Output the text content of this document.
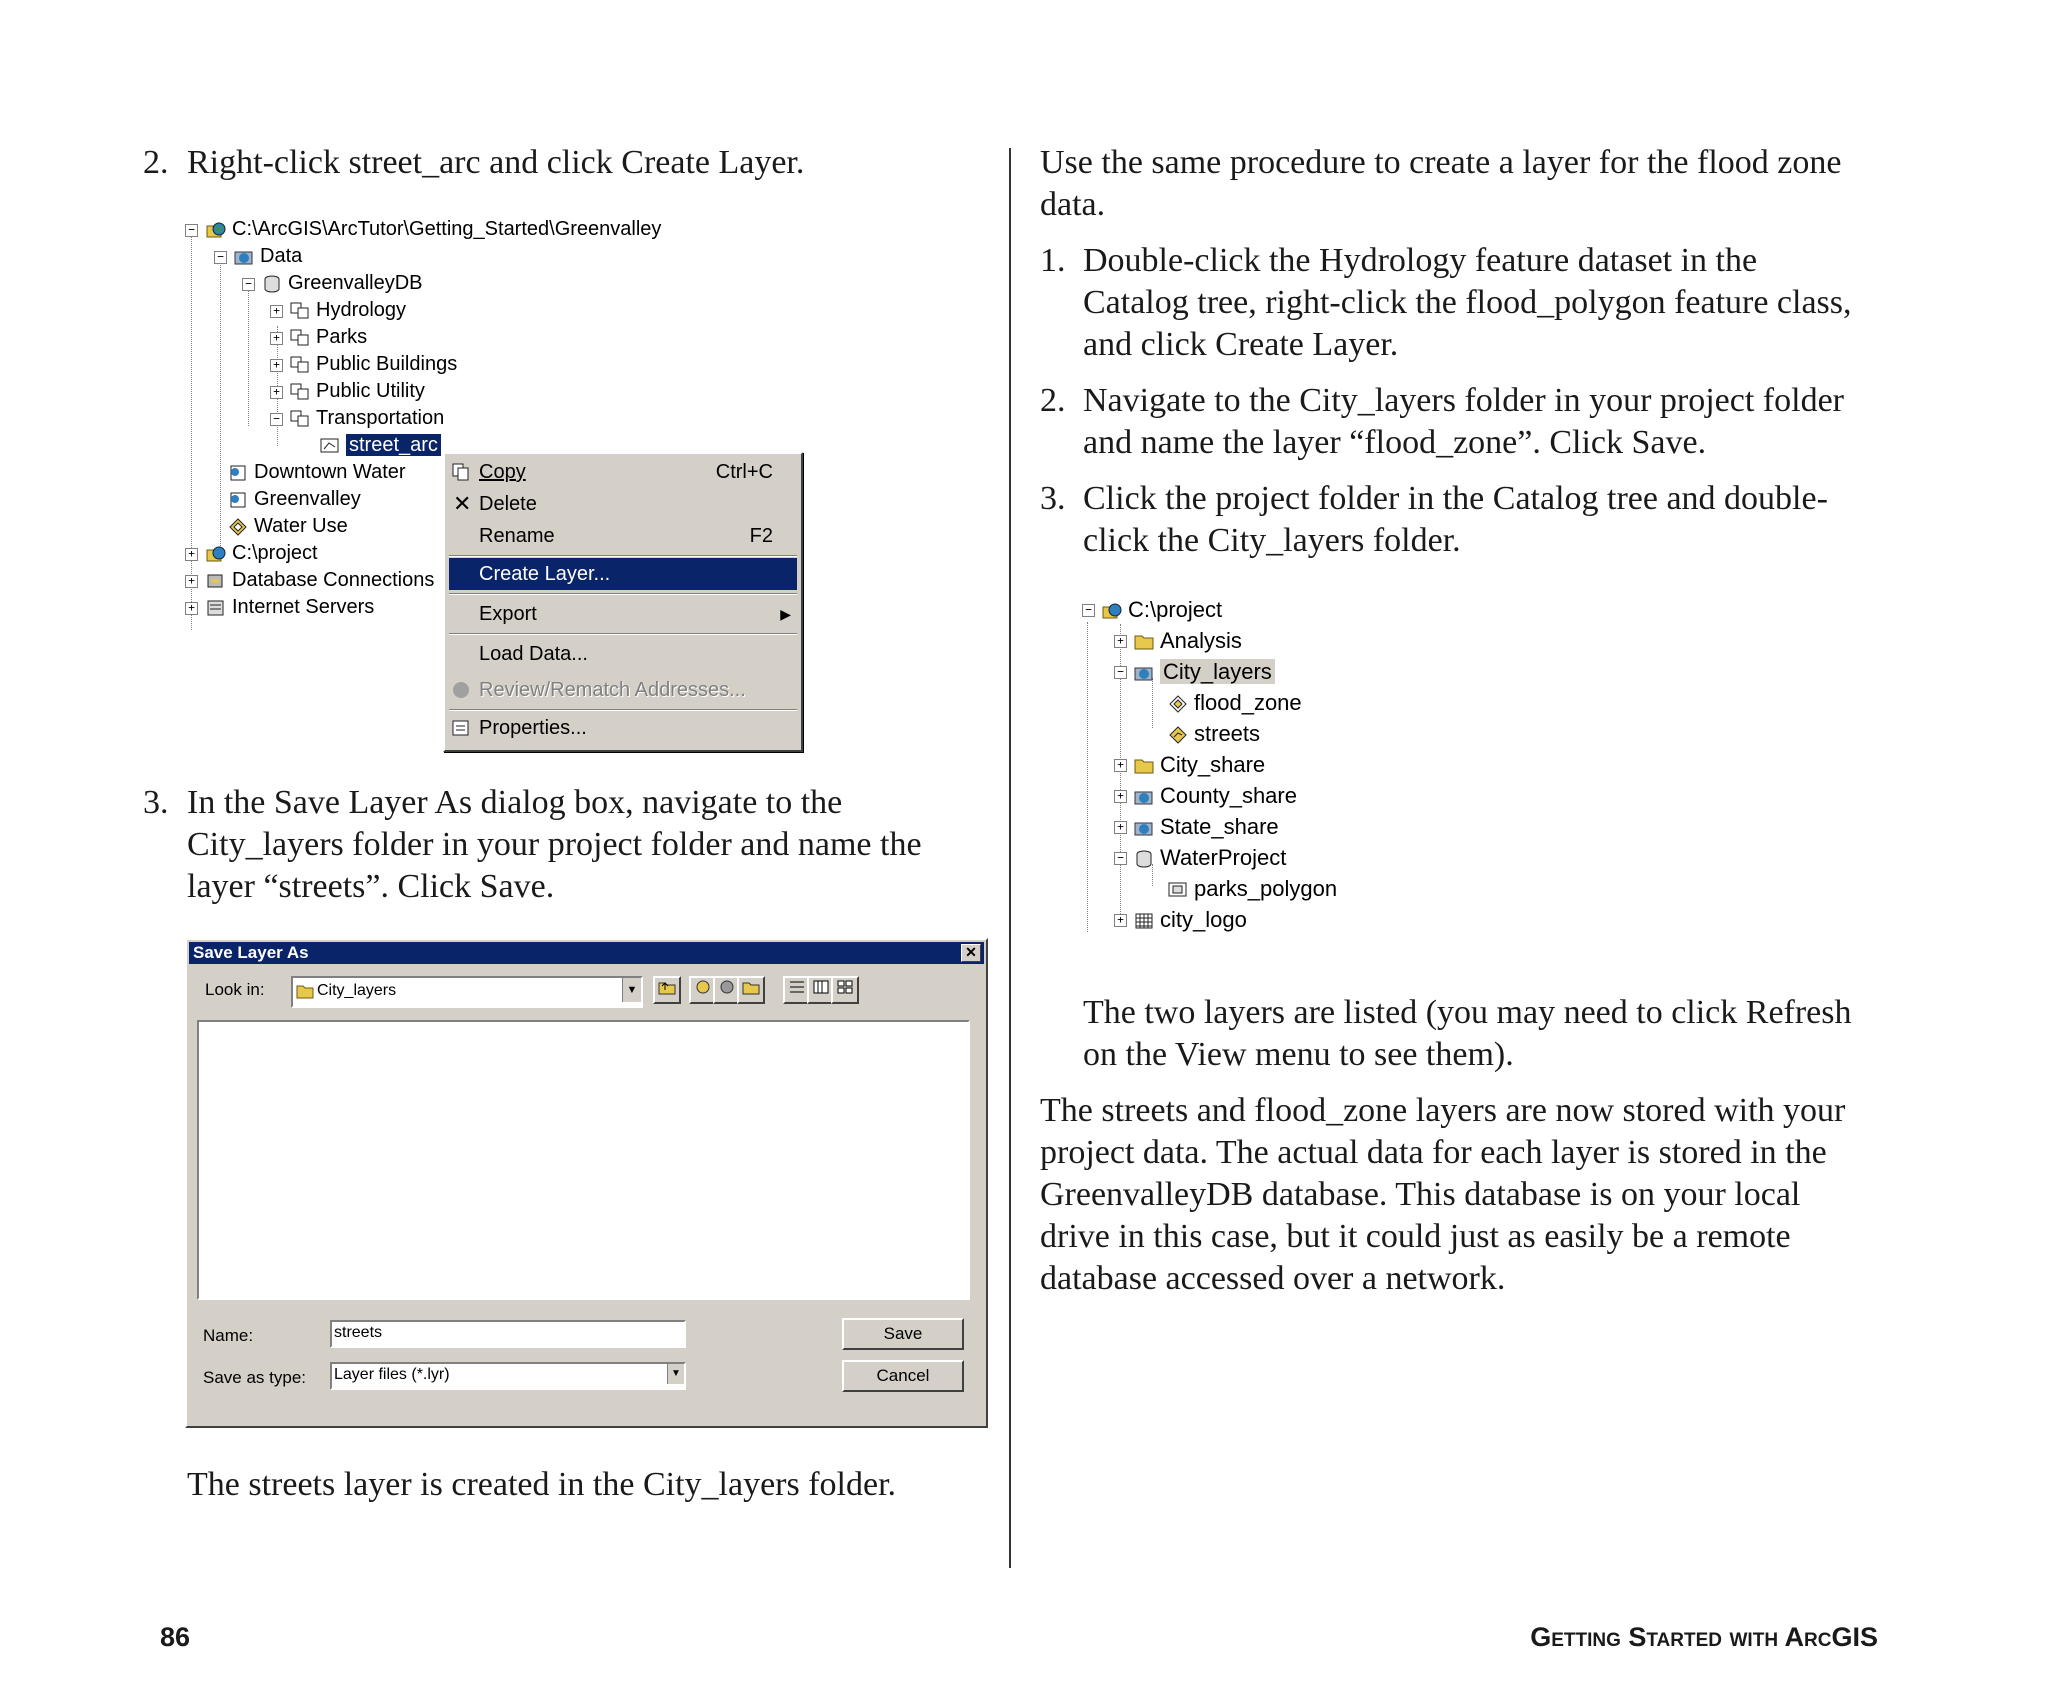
2. Right-click street_arc and click Create Layer.
−	C:\ArcGIS\ArcTutor\Getting_Started\Greenvalley
−	Data
−	GreenvalleyDB
+	Hydrology
+	Parks
+	Public Buildings
+	Public Utility
−	Transportation
street_arc
Downtown Water
Greenvalley
Water Use
+	C:\project
+	Database Connections
+	Internet Servers
Copy	Ctrl+C
✕ Delete
Rename	F2
Create Layer...
Export	▶
Load Data...
Review/Rematch Addresses...
Properties...
3. In the Save Layer As dialog box, navigate to the
City_layers folder in your project folder and name the
layer “streets”. Click Save.
Save Layer As	✕
Look in:	City_layers	▼
Name:	streets
Save as type: Layer files (*.lyr)	▼
Save
Cancel
The streets layer is created in the City_layers folder.
Use the same procedure to create a layer for the flood zone
data.
1. Double-click the Hydrology feature dataset in the
Catalog tree, right-click the flood_polygon feature class,
and click Create Layer.
2. Navigate to the City_layers folder in your project folder
and name the layer “flood_zone”. Click Save.
3. Click the project folder in the Catalog tree and double-
click the City_layers folder.
−	C:\project
+	Analysis
−	City_layers
flood_zone
streets
+	City_share
+	County_share
+	State_share
−	WaterProject
parks_polygon
+	city_logo
The two layers are listed (you may need to click Refresh
on the View menu to see them).
The streets and flood_zone layers are now stored with your
project data. The actual data for each layer is stored in the
GreenvalleyDB database. This database is on your local
drive in this case, but it could just as easily be a remote
database accessed over a network.
86	Getting Started with ArcGIS
